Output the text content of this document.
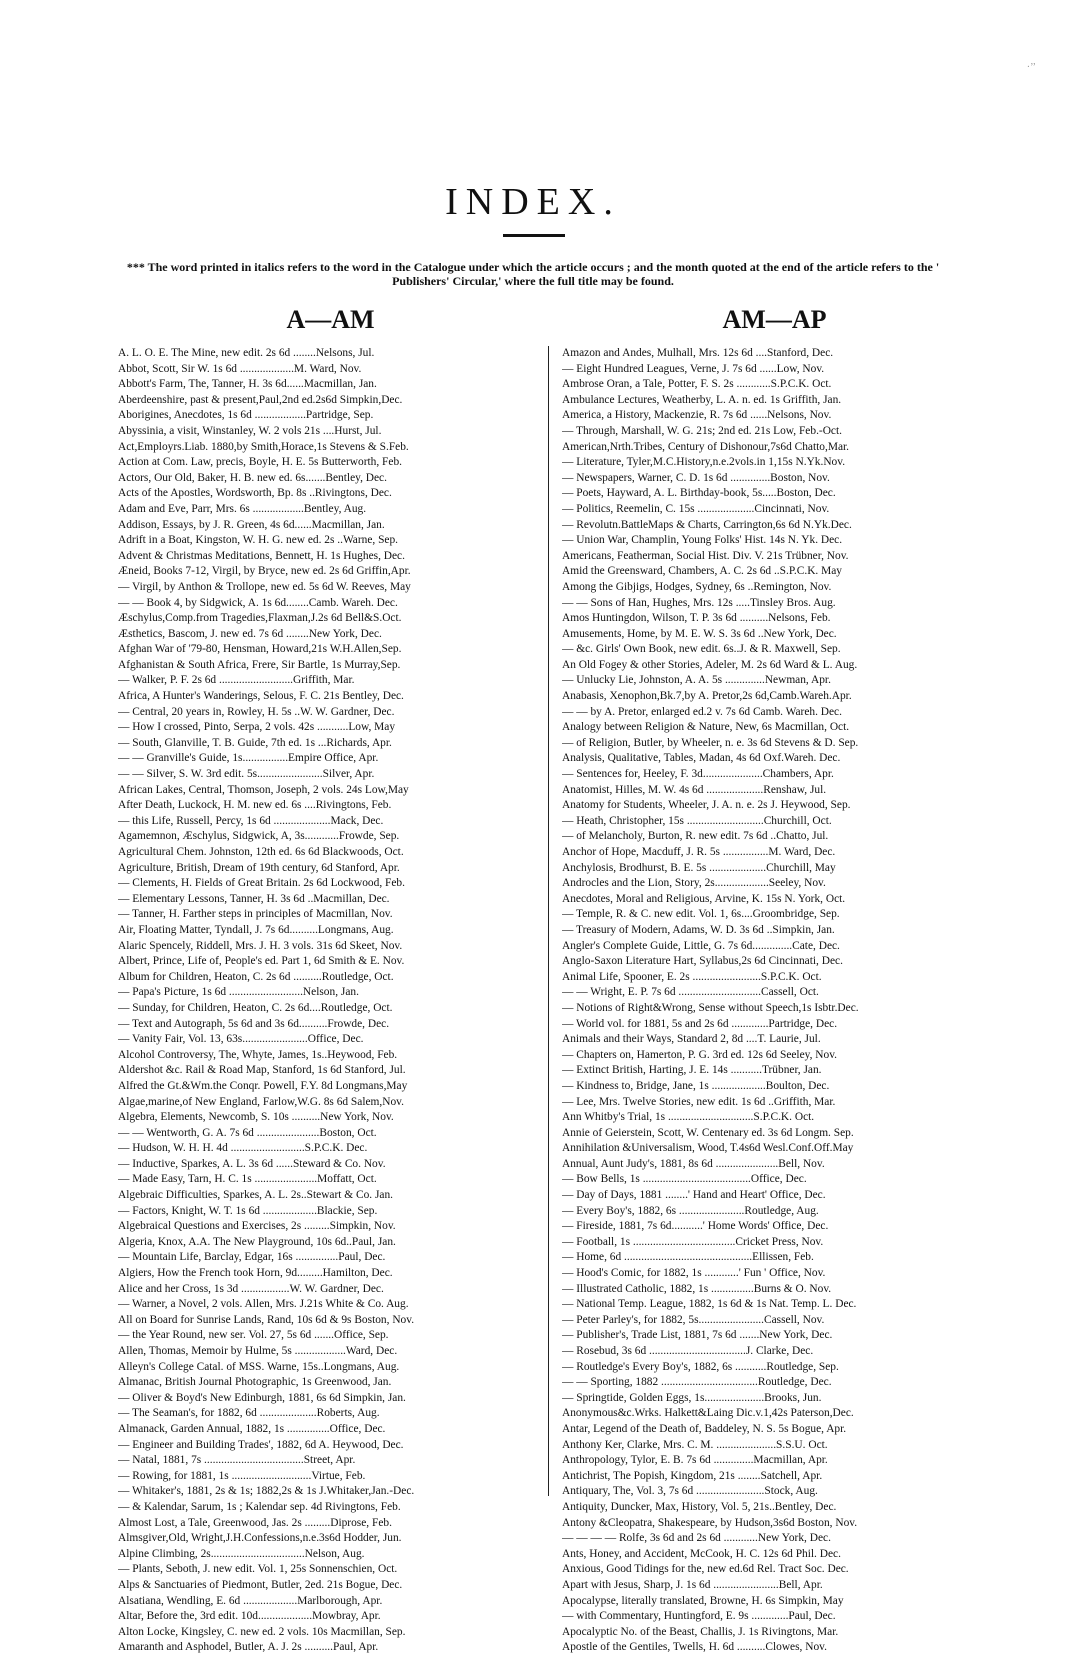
·’’
INDEX.
*** The word printed in italics refers to the word in the Catalogue under which the article occurs ; and the month quoted at the end of the article refers to the ' Publishers' Circular,' where the full title may be found.
A—AM	AM—AP
A. L. O. E. The Mine, new edit. 2s 6d ........Nelsons, Jul.
Abbot, Scott, Sir W. 1s 6d ...................M. Ward, Nov.
Abbott's Farm, The, Tanner, H. 3s 6d......Macmillan, Jan.
Aberdeenshire, past & present,Paul,2nd ed.2s6d Simpkin,Dec.
Aborigines, Anecdotes, 1s 6d ..................Partridge, Sep.
Abyssinia, a visit, Winstanley, W. 2 vols 21s ....Hurst, Jul.
Act,Employrs.Liab. 1880,by Smith,Horace,1s Stevens & S.Feb.
Action at Com. Law, precis, Boyle, H. E. 5s Butterworth, Feb.
Actors, Our Old, Baker, H. B. new ed. 6s.......Bentley, Dec.
Acts of the Apostles, Wordsworth, Bp. 8s ..Rivingtons, Dec.
Adam and Eve, Parr, Mrs. 6s ..................Bentley, Aug.
Addison, Essays, by J. R. Green, 4s 6d......Macmillan, Jan.
Adrift in a Boat, Kingston, W. H. G. new ed. 2s ..Warne, Sep.
Advent & Christmas Meditations, Bennett, H. 1s Hughes, Dec.
Æneid, Books 7-12, Virgil, by Bryce, new ed. 2s 6d Griffin,Apr.
— Virgil, by Anthon & Trollope, new ed. 5s 6d W. Reeves, May
— — Book 4, by Sidgwick, A. 1s 6d........Camb. Wareh. Dec.
Æschylus,Comp.from Tragedies,Flaxman,J.2s 6d Bell&S.Oct.
Æsthetics, Bascom, J. new ed. 7s 6d ........New York, Dec.
Afghan War of '79-80, Hensman, Howard,21s W.H.Allen,Sep.
Afghanistan & South Africa, Frere, Sir Bartle, 1s Murray,Sep.
— Walker, P. F. 2s 6d ..........................Griffith, Mar.
Africa, A Hunter's Wanderings, Selous, F. C. 21s Bentley, Dec.
— Central, 20 years in, Rowley, H. 5s ..W. W. Gardner, Dec.
— How I crossed, Pinto, Serpa, 2 vols. 42s ...........Low, May
— South, Glanville, T. B. Guide, 7th ed. 1s ...Richards, Apr.
— — Granville's Guide, 1s................Empire Office, Apr.
— — Silver, S. W. 3rd edit. 5s.......................Silver, Apr.
African Lakes, Central, Thomson, Joseph, 2 vols. 24s Low,May
After Death, Luckock, H. M. new ed. 6s ....Rivingtons, Feb.
— this Life, Russell, Percy, 1s 6d ....................Mack, Dec.
Agamemnon, Æschylus, Sidgwick, A, 3s............Frowde, Sep.
Agricultural Chem. Johnston, 12th ed. 6s 6d Blackwoods, Oct.
Agriculture, British, Dream of 19th century, 6d Stanford, Apr.
— Clements, H. Fields of Great Britain. 2s 6d Lockwood, Feb.
— Elementary Lessons, Tanner, H. 3s 6d ..Macmillan, Dec.
— Tanner, H. Farther steps in principles of Macmillan, Nov.
Air, Floating Matter, Tyndall, J. 7s 6d..........Longmans, Aug.
Alaric Spencely, Riddell, Mrs. J. H. 3 vols. 31s 6d Skeet, Nov.
Albert, Prince, Life of, People's ed. Part 1, 6d Smith & E. Nov.
Album for Children, Heaton, C. 2s 6d ..........Routledge, Oct.
— Papa's Picture, 1s 6d ..........................Nelson, Jan.
— Sunday, for Children, Heaton, C. 2s 6d....Routledge, Oct.
— Text and Autograph, 5s 6d and 3s 6d..........Frowde, Dec.
— Vanity Fair, Vol. 13, 63s.......................Office, Dec.
Alcohol Controversy, The, Whyte, James, 1s..Heywood, Feb.
Aldershot &c. Rail & Road Map, Stanford, 1s 6d Stanford, Jul.
Alfred the Gt.&Wm.the Conqr. Powell, F.Y. 8d Longmans,May
Algae,marine,of New England, Farlow,W.G. 8s 6d Salem,Nov.
Algebra, Elements, Newcomb, S. 10s ..........New York, Nov.
— — Wentworth, G. A. 7s 6d ......................Boston, Oct.
— Hudson, W. H. H. 4d ..........................S.P.C.K. Dec.
— Inductive, Sparkes, A. L. 3s 6d ......Steward & Co. Nov.
— Made Easy, Tarn, H. C. 1s ......................Moffatt, Oct.
Algebraic Difficulties, Sparkes, A. L. 2s..Stewart & Co. Jan.
— Factors, Knight, W. T. 1s 6d ...................Blackie, Sep.
Algebraical Questions and Exercises, 2s .........Simpkin, Nov.
Algeria, Knox, A.A. The New Playground, 10s 6d..Paul, Jan.
— Mountain Life, Barclay, Edgar, 16s ...............Paul, Dec.
Algiers, How the French took Horn, 9d.........Hamilton, Dec.
Alice and her Cross, 1s 3d .................W. W. Gardner, Dec.
— Warner, a Novel, 2 vols. Allen, Mrs. J.21s White & Co. Aug.
All on Board for Sunrise Lands, Rand, 10s 6d & 9s Boston, Nov.
— the Year Round, new ser. Vol. 27, 5s 6d .......Office, Sep.
Allen, Thomas, Memoir by Hulme, 5s ..................Ward, Dec.
Alleyn's College Catal. of MSS. Warne, 15s..Longmans, Aug.
Almanac, British Journal Photographic, 1s Greenwood, Jan.
— Oliver & Boyd's New Edinburgh, 1881, 6s 6d Simpkin, Jan.
— The Seaman's, for 1882, 6d ....................Roberts, Aug.
Almanack, Garden Annual, 1882, 1s ...............Office, Dec.
— Engineer and Building Trades', 1882, 6d A. Heywood, Dec.
— Natal, 1881, 7s ...................................Street, Apr.
— Rowing, for 1881, 1s ............................Virtue, Feb.
— Whitaker's, 1881, 2s & 1s; 1882,2s & 1s J.Whitaker,Jan.-Dec.
— & Kalendar, Sarum, 1s ; Kalendar sep. 4d Rivingtons, Feb.
Almost Lost, a Tale, Greenwood, Jas. 2s .........Diprose, Feb.
Almsgiver,Old, Wright,J.H.Confessions,n.e.3s6d Hodder, Jun.
Alpine Climbing, 2s.................................Nelson, Aug.
— Plants, Seboth, J. new edit. Vol. 1, 25s Sonnenschien, Oct.
Alps & Sanctuaries of Piedmont, Butler, 2ed. 21s Bogue, Dec.
Alsatiana, Wendling, E. 6d ...................Marlborough, Apr.
Altar, Before the, 3rd edit. 10d...................Mowbray, Apr.
Alton Locke, Kingsley, C. new ed. 2 vols. 10s Macmillan, Sep.
Amaranth and Asphodel, Butler, A. J. 2s ..........Paul, Apr.
Amazon and Andes, Mulhall, Mrs. 12s 6d ....Stanford, Dec.
— Eight Hundred Leagues, Verne, J. 7s 6d ......Low, Nov.
Ambrose Oran, a Tale, Potter, F. S. 2s ............S.P.C.K. Oct.
Ambulance Lectures, Weatherby, L. A. n. ed. 1s Griffith, Jan.
America, a History, Mackenzie, R. 7s 6d ......Nelsons, Nov.
— Through, Marshall, W. G. 21s; 2nd ed. 21s Low, Feb.-Oct.
American,Nrth.Tribes, Century of Dishonour,7s6d Chatto,Mar.
— Literature, Tyler,M.C.History,n.e.2vols.in 1,15s N.Yk.Nov.
— Newspapers, Warner, C. D. 1s 6d ..............Boston, Nov.
— Poets, Hayward, A. L. Birthday-book, 5s.....Boston, Dec.
— Politics, Reemelin, C. 15s ....................Cincinnati, Nov.
— Revolutn.BattleMaps & Charts, Carrington,6s 6d N.Yk.Dec.
— Union War, Champlin, Young Folks' Hist. 14s N. Yk. Dec.
Americans, Featherman, Social Hist. Div. V. 21s Trübner, Nov.
Amid the Greensward, Chambers, A. C. 2s 6d ..S.P.C.K. May
Among the Gibjigs, Hodges, Sydney, 6s ..Remington, Nov.
— — Sons of Han, Hughes, Mrs. 12s .....Tinsley Bros. Aug.
Amos Huntingdon, Wilson, T. P. 3s 6d ..........Nelsons, Feb.
Amusements, Home, by M. E. W. S. 3s 6d ..New York, Dec.
— &c. Girls' Own Book, new edit. 6s..J. & R. Maxwell, Sep.
An Old Fogey & other Stories, Adeler, M. 2s 6d Ward & L. Aug.
— Unlucky Lie, Johnston, A. A. 5s ..............Newman, Apr.
Anabasis, Xenophon,Bk.7,by A. Pretor,2s 6d,Camb.Wareh.Apr.
— — by A. Pretor, enlarged ed.2 v. 7s 6d Camb. Wareh. Dec.
Analogy between Religion & Nature, New, 6s Macmillan, Oct.
— of Religion, Butler, by Wheeler, n. e. 3s 6d Stevens & D. Sep.
Analysis, Qualitative, Tables, Madan, 4s 6d Oxf.Wareh. Dec.
— Sentences for, Heeley, F. 3d.....................Chambers, Apr.
Anatomist, Hilles, M. W. 4s 6d ....................Renshaw, Jul.
Anatomy for Students, Wheeler, J. A. n. e. 2s J. Heywood, Sep.
— Heath, Christopher, 15s ...........................Churchill, Oct.
— of Melancholy, Burton, R. new edit. 7s 6d ..Chatto, Jul.
Anchor of Hope, Macduff, J. R. 5s ................M. Ward, Dec.
Anchylosis, Brodhurst, B. E. 5s ....................Churchill, May
Androcles and the Lion, Story, 2s...................Seeley, Nov.
Anecdotes, Moral and Religious, Arvine, K. 15s N. York, Oct.
— Temple, R. & C. new edit. Vol. 1, 6s....Groombridge, Sep.
— Treasury of Modern, Adams, W. D. 3s 6d ..Simpkin, Jan.
Angler's Complete Guide, Little, G. 7s 6d..............Cate, Dec.
Anglo-Saxon Literature Hart, Syllabus,2s 6d Cincinnati, Dec.
Animal Life, Spooner, E. 2s ........................S.P.C.K. Oct.
— — Wright, E. P. 7s 6d .............................Cassell, Oct.
— Notions of Right&Wrong, Sense without Speech,1s Isbtr.Dec.
— World vol. for 1881, 5s and 2s 6d .............Partridge, Dec.
Animals and their Ways, Standard 2, 8d ....T. Laurie, Jul.
— Chapters on, Hamerton, P. G. 3rd ed. 12s 6d Seeley, Nov.
— Extinct British, Harting, J. E. 14s ...........Trübner, Jan.
— Kindness to, Bridge, Jane, 1s ...................Boulton, Dec.
— Lee, Mrs. Twelve Stories, new edit. 1s 6d ..Griffith, Mar.
Ann Whitby's Trial, 1s ..............................S.P.C.K. Oct.
Annie of Geierstein, Scott, W. Centenary ed. 3s 6d Longm. Sep.
Annihilation &Universalism, Wood, T.4s6d Wesl.Conf.Off.May
Annual, Aunt Judy's, 1881, 8s 6d ......................Bell, Nov.
— Bow Bells, 1s ......................................Office, Dec.
— Day of Days, 1881 ........' Hand and Heart' Office, Dec.
— Every Boy's, 1882, 6s .......................Routledge, Aug.
— Fireside, 1881, 7s 6d...........' Home Words' Office, Dec.
— Football, 1s ....................................Cricket Press, Nov.
— Home, 6d .............................................Ellissen, Feb.
— Hood's Comic, for 1882, 1s ............' Fun ' Office, Nov.
— Illustrated Catholic, 1882, 1s ...............Burns & O. Nov.
— National Temp. League, 1882, 1s 6d & 1s Nat. Temp. L. Dec.
— Peter Parley's, for 1882, 5s.......................Cassell, Nov.
— Publisher's, Trade List, 1881, 7s 6d .......New York, Dec.
— Rosebud, 3s 6d ..................................J. Clarke, Dec.
— Routledge's Every Boy's, 1882, 6s ...........Routledge, Sep.
— — Sporting, 1882 ..................................Routledge, Dec.
— Springtide, Golden Eggs, 1s.....................Brooks, Jun.
Anonymous&c.Wrks. Halkett&Laing Dic.v.1,42s Paterson,Dec.
Antar, Legend of the Death of, Baddeley, N. S. 5s Bogue, Apr.
Anthony Ker, Clarke, Mrs. C. M. .....................S.S.U. Oct.
Anthropology, Tylor, E. B. 7s 6d ..............Macmillan, Apr.
Antichrist, The Popish, Kingdom, 21s ........Satchell, Apr.
Antiquary, The, Vol. 3, 7s 6d ........................Stock, Aug.
Antiquity, Duncker, Max, History, Vol. 5, 21s..Bentley, Dec.
Antony &Cleopatra, Shakespeare, by Hudson,3s6d Boston, Nov.
— — — — Rolfe, 3s 6d and 2s 6d ............New York, Dec.
Ants, Honey, and Accident, McCook, H. C. 12s 6d Phil. Dec.
Anxious, Good Tidings for the, new ed.6d Rel. Tract Soc. Dec.
Apart with Jesus, Sharp, J. 1s 6d .......................Bell, Apr.
Apocalypse, literally translated, Browne, H. 6s Simpkin, May
— with Commentary, Huntingford, E. 9s .............Paul, Dec.
Apocalyptic No. of the Beast, Challis, J. 1s Rivingtons, Mar.
Apostle of the Gentiles, Twells, H. 6d ..........Clowes, Nov.
